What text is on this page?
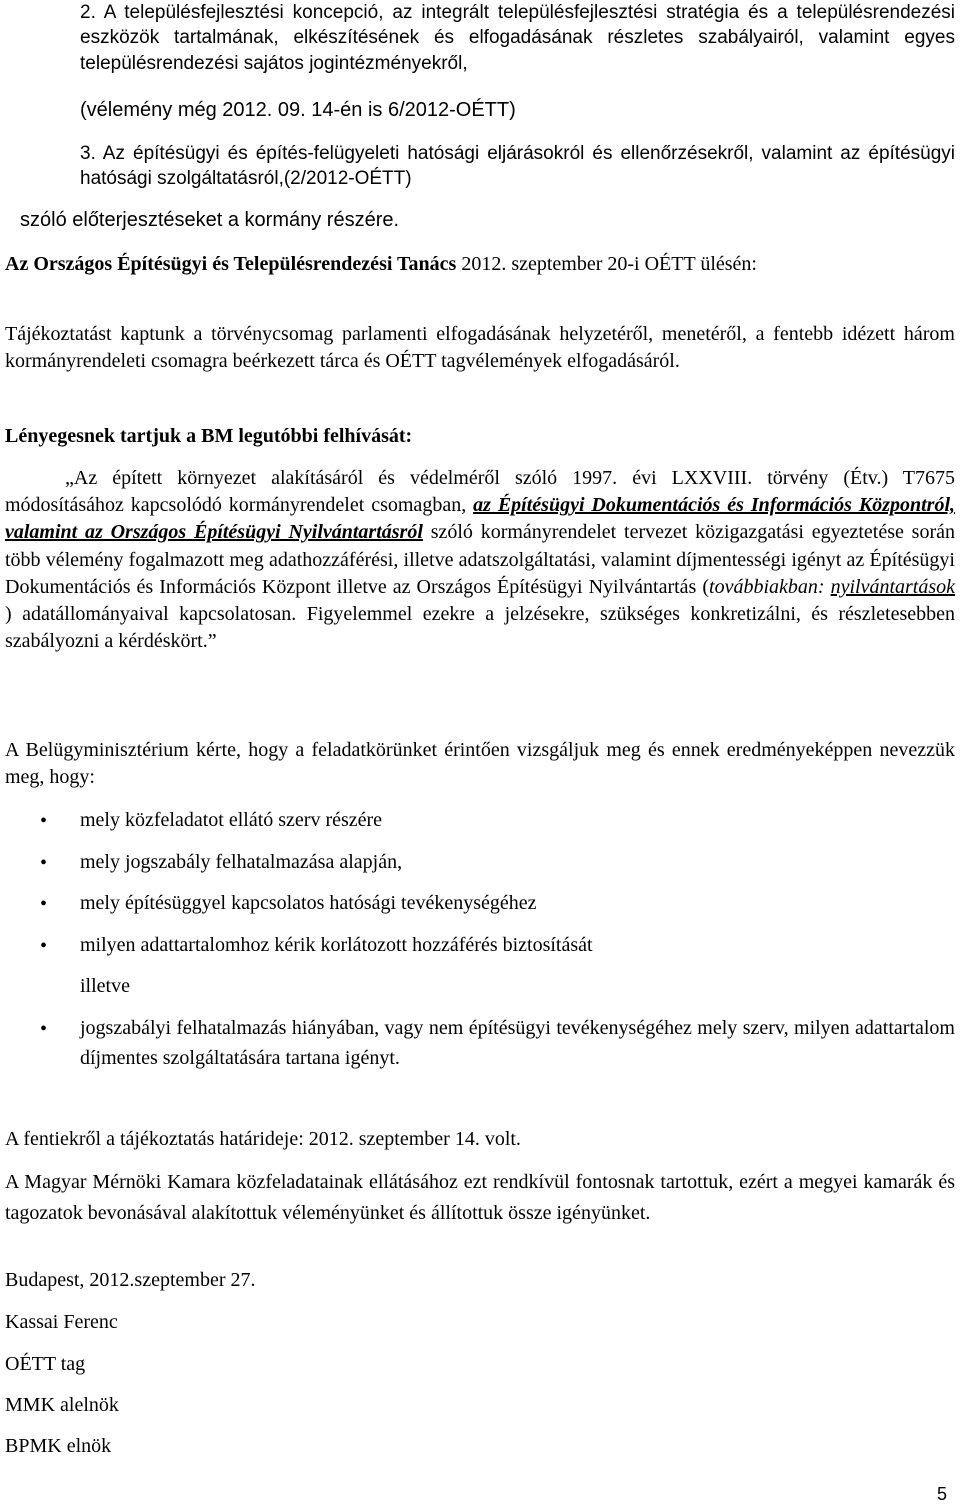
2. A településfejlesztési koncepció, az integrált településfejlesztési stratégia és a településrendezési eszközök tartalmának, elkészítésének és elfogadásának részletes szabályairól, valamint egyes településrendezési sajátos jogintézményekről,

(vélemény még 2012. 09. 14-én is 6/2012-OÉTT)

3. Az építésügyi és építés-felügyeleti hatósági eljárásokról és ellenőrzésekről, valamint az építésügyi hatósági szolgáltatásról,(2/2012-OÉTT)

szóló előterjesztéseket a kormány részére.

Az Országos Építésügyi és Településrendezési Tanács 2012. szeptember 20-i OÉTT ülésén:

Tájékoztatást kaptunk a törvénycsomag parlamenti elfogadásának helyzetéről, menetéről, a fentebb idézett három kormányrendeleti csomagra beérkezett tárca és OÉTT tagvélemények elfogadásáról.

Lényegesnek tartjuk a BM legutóbbi felhívását:

„Az épített környezet alakításáról és védelméről szóló 1997. évi LXXVIII. törvény (Étv.) T7675 módosításához kapcsolódó kormányrendelet csomagban, az Építésügyi Dokumentációs és Információs Központról, valamint az Országos Építésügyi Nyilvántartásról szóló kormányrendelet tervezet közigazgatási egyeztetése során több vélemény fogalmazott meg adathozzáférési, illetve adatszolgáltatási, valamint díjmentességi igényt az Építésügyi Dokumentációs és Információs Központ illetve az Országos Építésügyi Nyilvántartás (továbbiakban: nyilvántartások ) adatállományaival kapcsolatosan. Figyelemmel ezekre a jelzésekre, szükséges konkretizálni, és részletesebben szabályozni a kérdéskört.”

A Belügyminisztérium kérte, hogy a feladatkörünket érintően vizsgáljuk meg és ennek eredményeképpen nevezzük meg, hogy:

• mely közfeladatot ellátó szerv részére

• mely jogszabály felhatalmazása alapján,

• mely építésüggyel kapcsolatos hatósági tevékenységéhez

• milyen adattartalomhoz kérik korlátozott hozzáférés biztosítását

illetve

• jogszabályi felhatalmazás hiányában, vagy nem építésügyi tevékenységéhez mely szerv, milyen adattartalom díjmentes szolgáltatására tartana igényt.

A fentiekről a tájékoztatás határideje: 2012. szeptember 14. volt.

A Magyar Mérnöki Kamara közfeladatainak ellátásához ezt rendkívül fontosnak tartottuk, ezért a megyei kamarák és tagozatok bevonásával alakítottuk véleményünket és állítottuk össze igényünket.

Budapest, 2012.szeptember 27.

Kassai Ferenc

OÉTT tag

MMK alelnök

BPMK elnök

5
